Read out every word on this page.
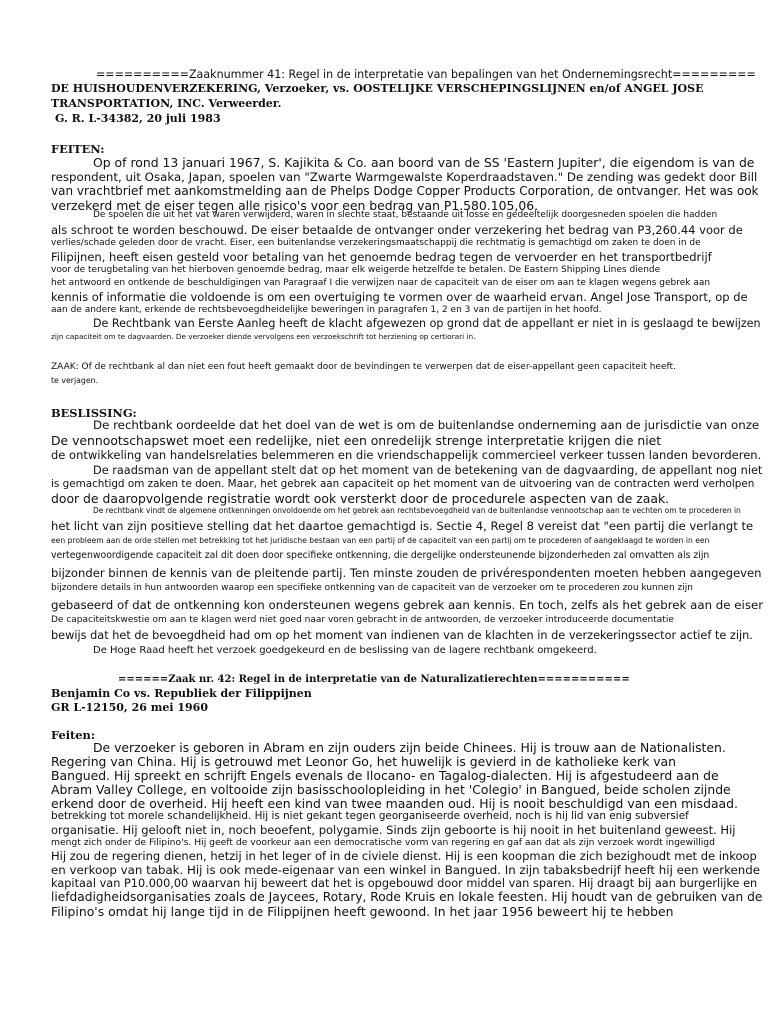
==========Zaaknummer 41: Regel in de interpretatie van bepalingen van het Ondernemingsrecht=========
DE HUISHOUDENVERZEKERING, Verzoeker, vs. OOSTELIJKE VERSCHEPINGSLIJNEN en/of ANGEL JOSE
TRANSPORTATION, INC. Verweerder.
G. R. L-34382, 20 juli 1983
FEITEN:
Op of rond 13 januari 1967, S. Kajikita & Co. aan boord van de SS 'Eastern Jupiter', die eigendom is van de
respondent, uit Osaka, Japan, spoelen van "Zwarte Warmgewalste Koperdraadstaven." De zending was gedekt door Bill
van vrachtbrief met aankomstmelding aan de Phelps Dodge Copper Products Corporation, de ontvanger. Het was ook
verzekerd met de eiser tegen alle risico's voor een bedrag van P1.580.105,06.
De spoelen die uit het vat waren verwijderd, waren in slechte staat, bestaande uit losse en gedeeltelijk doorgesneden spoelen die hadden
als schroot te worden beschouwd. De eiser betaalde de ontvanger onder verzekering het bedrag van P3,260.44 voor de
verlies/schade geleden door de vracht. Eiser, een buitenlandse verzekeringsmaatschappij die rechtmatig is gemachtigd om zaken te doen in de
Filipijnen, heeft eisen gesteld voor betaling van het genoemde bedrag tegen de vervoerder en het transportbedrijf
voor de terugbetaling van het hierboven genoemde bedrag, maar elk weigerde hetzelfde te betalen. De Eastern Shipping Lines diende
het antwoord en ontkende de beschuldigingen van Paragraaf I die verwijzen naar de capaciteit van de eiser om aan te klagen wegens gebrek aan
kennis of informatie die voldoende is om een overtuiging te vormen over de waarheid ervan. Angel Jose Transport, op de
aan de andere kant, erkende de rechtsbevoegdheidelijke beweringen in paragrafen 1, 2 en 3 van de partijen in het hoofd.
De Rechtbank van Eerste Aanleg heeft de klacht afgewezen op grond dat de appellant er niet in is geslaagd te bewijzen
zijn capaciteit om te dagvaarden. De verzoeker diende vervolgens een verzoekschrift tot herziening op certiorari in.
ZAAK: Of de rechtbank al dan niet een fout heeft gemaakt door de bevindingen te verwerpen dat de eiser-appellant geen capaciteit heeft.
te verjagen.
BESLISSING:
De rechtbank oordeelde dat het doel van de wet is om de buitenlandse onderneming aan de jurisdictie van onze
De vennootschapswet moet een redelijke, niet een onredelijk strenge interpretatie krijgen die niet
de ontwikkeling van handelsrelaties belemmeren en die vriendschappelijk commercieel verkeer tussen landen bevorderen.
De raadsman van de appellant stelt dat op het moment van de betekening van de dagvaarding, de appellant nog niet
is gemachtigd om zaken te doen. Maar, het gebrek aan capaciteit op het moment van de uitvoering van de contracten werd verholpen
door de daaropvolgende registratie wordt ook versterkt door de procedurele aspecten van de zaak.
De rechtbank vindt de algemene ontkenningen onvoldoende om het gebrek aan rechtsbevoegdheid van de buitenlandse vennootschap aan te vechten om te procederen in
het licht van zijn positieve stelling dat het daartoe gemachtigd is. Sectie 4, Regel 8 vereist dat "een partij die verlangt te
een probleem aan de orde stellen met betrekking tot het juridische bestaan van een partij of de capaciteit van een partij om te procederen of aangeklaagd te worden in een
vertegenwoordigende capaciteit zal dit doen door specifieke ontkenning, die dergelijke ondersteunende bijzonderheden zal omvatten als zijn
bijzonder binnen de kennis van de pleitende partij. Ten minste zouden de privérespondenten moeten hebben aangegeven
bijzondere details in hun antwoorden waarop een specifieke ontkenning van de capaciteit van de verzoeker om te procederen zou kunnen zijn
gebaseerd of dat de ontkenning kon ondersteunen wegens gebrek aan kennis. En toch, zelfs als het gebrek aan de eiser
De capaciteitskwestie om aan te klagen werd niet goed naar voren gebracht in de antwoorden, de verzoeker introduceerde documentatie
bewijs dat het de bevoegdheid had om op het moment van indienen van de klachten in de verzekeringssector actief te zijn.
De Hoge Raad heeft het verzoek goedgekeurd en de beslissing van de lagere rechtbank omgekeerd.
======Zaak nr. 42: Regel in de interpretatie van de Naturalizatierechten===========
Benjamin Co vs. Republiek der Filippijnen
GR L-12150, 26 mei 1960
Feiten:
De verzoeker is geboren in Abram en zijn ouders zijn beide Chinees. Hij is trouw aan de Nationalisten.
Regering van China. Hij is getrouwd met Leonor Go, het huwelijk is gevierd in de katholieke kerk van
Bangued. Hij spreekt en schrijft Engels evenals de Ilocano- en Tagalog-dialecten. Hij is afgestudeerd aan de
Abram Valley College, en voltooide zijn basisschoolopleiding in het 'Colegio' in Bangued, beide scholen zijnde
erkend door de overheid. Hij heeft een kind van twee maanden oud. Hij is nooit beschuldigd van een misdaad.
betrekking tot morele schandelijkheid. Hij is niet gekant tegen georganiseerde overheid, noch is hij lid van enig subversief
organisatie. Hij gelooft niet in, noch beoefent, polygamie. Sinds zijn geboorte is hij nooit in het buitenland geweest. Hij
mengt zich onder de Filipino's. Hij geeft de voorkeur aan een democratische vorm van regering en gaf aan dat als zijn verzoek wordt ingewilligd
Hij zou de regering dienen, hetzij in het leger of in de civiele dienst. Hij is een koopman die zich bezighoudt met de inkoop
en verkoop van tabak. Hij is ook mede-eigenaar van een winkel in Bangued. In zijn tabaksbedrijf heeft hij een werkende
kapitaal van P10.000,00 waarvan hij beweert dat het is opgebouwd door middel van sparen. Hij draagt bij aan burgerlijke en
liefdadigheidsorganisaties zoals de Jaycees, Rotary, Rode Kruis en lokale feesten. Hij houdt van de gebruiken van de
Filipino's omdat hij lange tijd in de Filippijnen heeft gewoond. In het jaar 1956 beweert hij te hebben
